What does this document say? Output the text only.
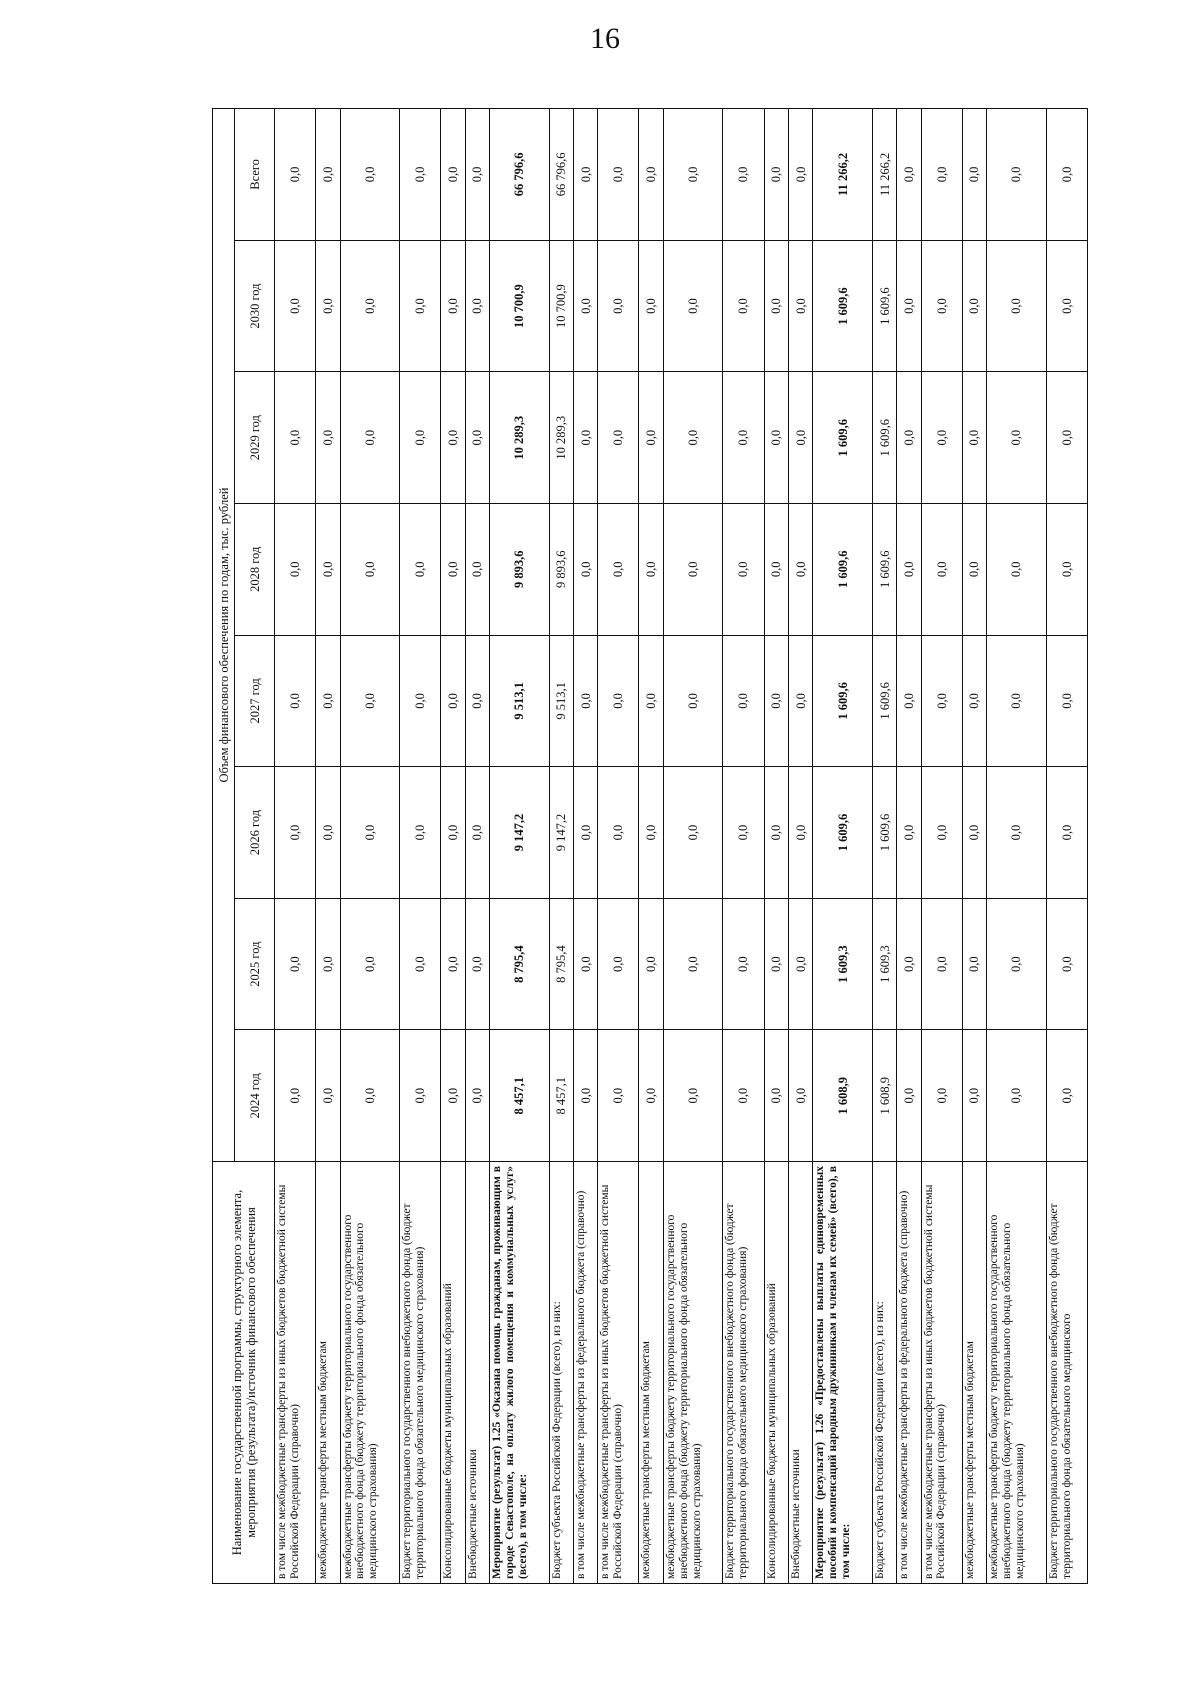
16
Наименование государственной программы, структурного элемента, мероприятия (результата)/источник финансового обеспечения	Объем финансового обеспечения по годам, тыс. рублей							
	2024 год	2025 год	2026 год	2027 год	2028 год	2029 год	2030 год	Всего
в том числе межбюджетные трансферты из иных бюджетов бюджетной системы Российской Федерации (справочно)	0,0	0,0	0,0	0,0	0,0	0,0	0,0	0,0
межбюджетные трансферты местным бюджетам	0,0	0,0	0,0	0,0	0,0	0,0	0,0	0,0
межбюджетные трансферты бюджету территориального государственного внебюджетного фонда (бюджету территориального фонда обязательного медицинского страхования)	0,0	0,0	0,0	0,0	0,0	0,0	0,0	0,0
Бюджет территориального государственного внебюджетного фонда (бюджет территориального фонда обязательного медицинского страхования)	0,0	0,0	0,0	0,0	0,0	0,0	0,0	0,0
Консолидированные бюджеты муниципальных образований	0,0	0,0	0,0	0,0	0,0	0,0	0,0	0,0
Внебюджетные источники	0,0	0,0	0,0	0,0	0,0	0,0	0,0	0,0
Мероприятие (результат) 1.25 «Оказана помощь гражданам, проживающим в городе Севастополе, на оплату жилого помещения и коммунальных услуг» (всего), в том числе:	8 457,1	8 795,4	9 147,2	9 513,1	9 893,6	10 289,3	10 700,9	66 796,6
Бюджет субъекта Российской Федерации (всего), из них:	8 457,1	8 795,4	9 147,2	9 513,1	9 893,6	10 289,3	10 700,9	66 796,6
в том числе межбюджетные трансферты из федерального бюджета (справочно)	0,0	0,0	0,0	0,0	0,0	0,0	0,0	0,0
в том числе межбюджетные трансферты из иных бюджетов бюджетной системы Российской Федерации (справочно)	0,0	0,0	0,0	0,0	0,0	0,0	0,0	0,0
межбюджетные трансферты местным бюджетам	0,0	0,0	0,0	0,0	0,0	0,0	0,0	0,0
межбюджетные трансферты бюджету территориального государственного внебюджетного фонда (бюджету территориального фонда обязательного медицинского страхования)	0,0	0,0	0,0	0,0	0,0	0,0	0,0	0,0
Бюджет территориального государственного внебюджетного фонда (бюджет территориального фонда обязательного медицинского страхования)	0,0	0,0	0,0	0,0	0,0	0,0	0,0	0,0
Консолидированные бюджеты муниципальных образований	0,0	0,0	0,0	0,0	0,0	0,0	0,0	0,0
Внебюджетные источники	0,0	0,0	0,0	0,0	0,0	0,0	0,0	0,0
Мероприятие (результат) 1.26 «Предоставлены выплаты единовременных пособий и компенсаций народным дружинникам и членам их семей» (всего), в том числе:	1 608,9	1 609,3	1 609,6	1 609,6	1 609,6	1 609,6	1 609,6	11 266,2
Бюджет субъекта Российской Федерации (всего), из них:	1 608,9	1 609,3	1 609,6	1 609,6	1 609,6	1 609,6	1 609,6	11 266,2
в том числе межбюджетные трансферты из федерального бюджета (справочно)	0,0	0,0	0,0	0,0	0,0	0,0	0,0	0,0
в том числе межбюджетные трансферты из иных бюджетов бюджетной системы Российской Федерации (справочно)	0,0	0,0	0,0	0,0	0,0	0,0	0,0	0,0
межбюджетные трансферты местным бюджетам	0,0	0,0	0,0	0,0	0,0	0,0	0,0	0,0
межбюджетные трансферты бюджету территориального государственного внебюджетного фонда (бюджету территориального фонда обязательного медицинского страхования)	0,0	0,0	0,0	0,0	0,0	0,0	0,0	0,0
Бюджет территориального государственного внебюджетного фонда (бюджет территориального фонда обязательного медицинского	0,0	0,0	0,0	0,0	0,0	0,0	0,0	0,0
